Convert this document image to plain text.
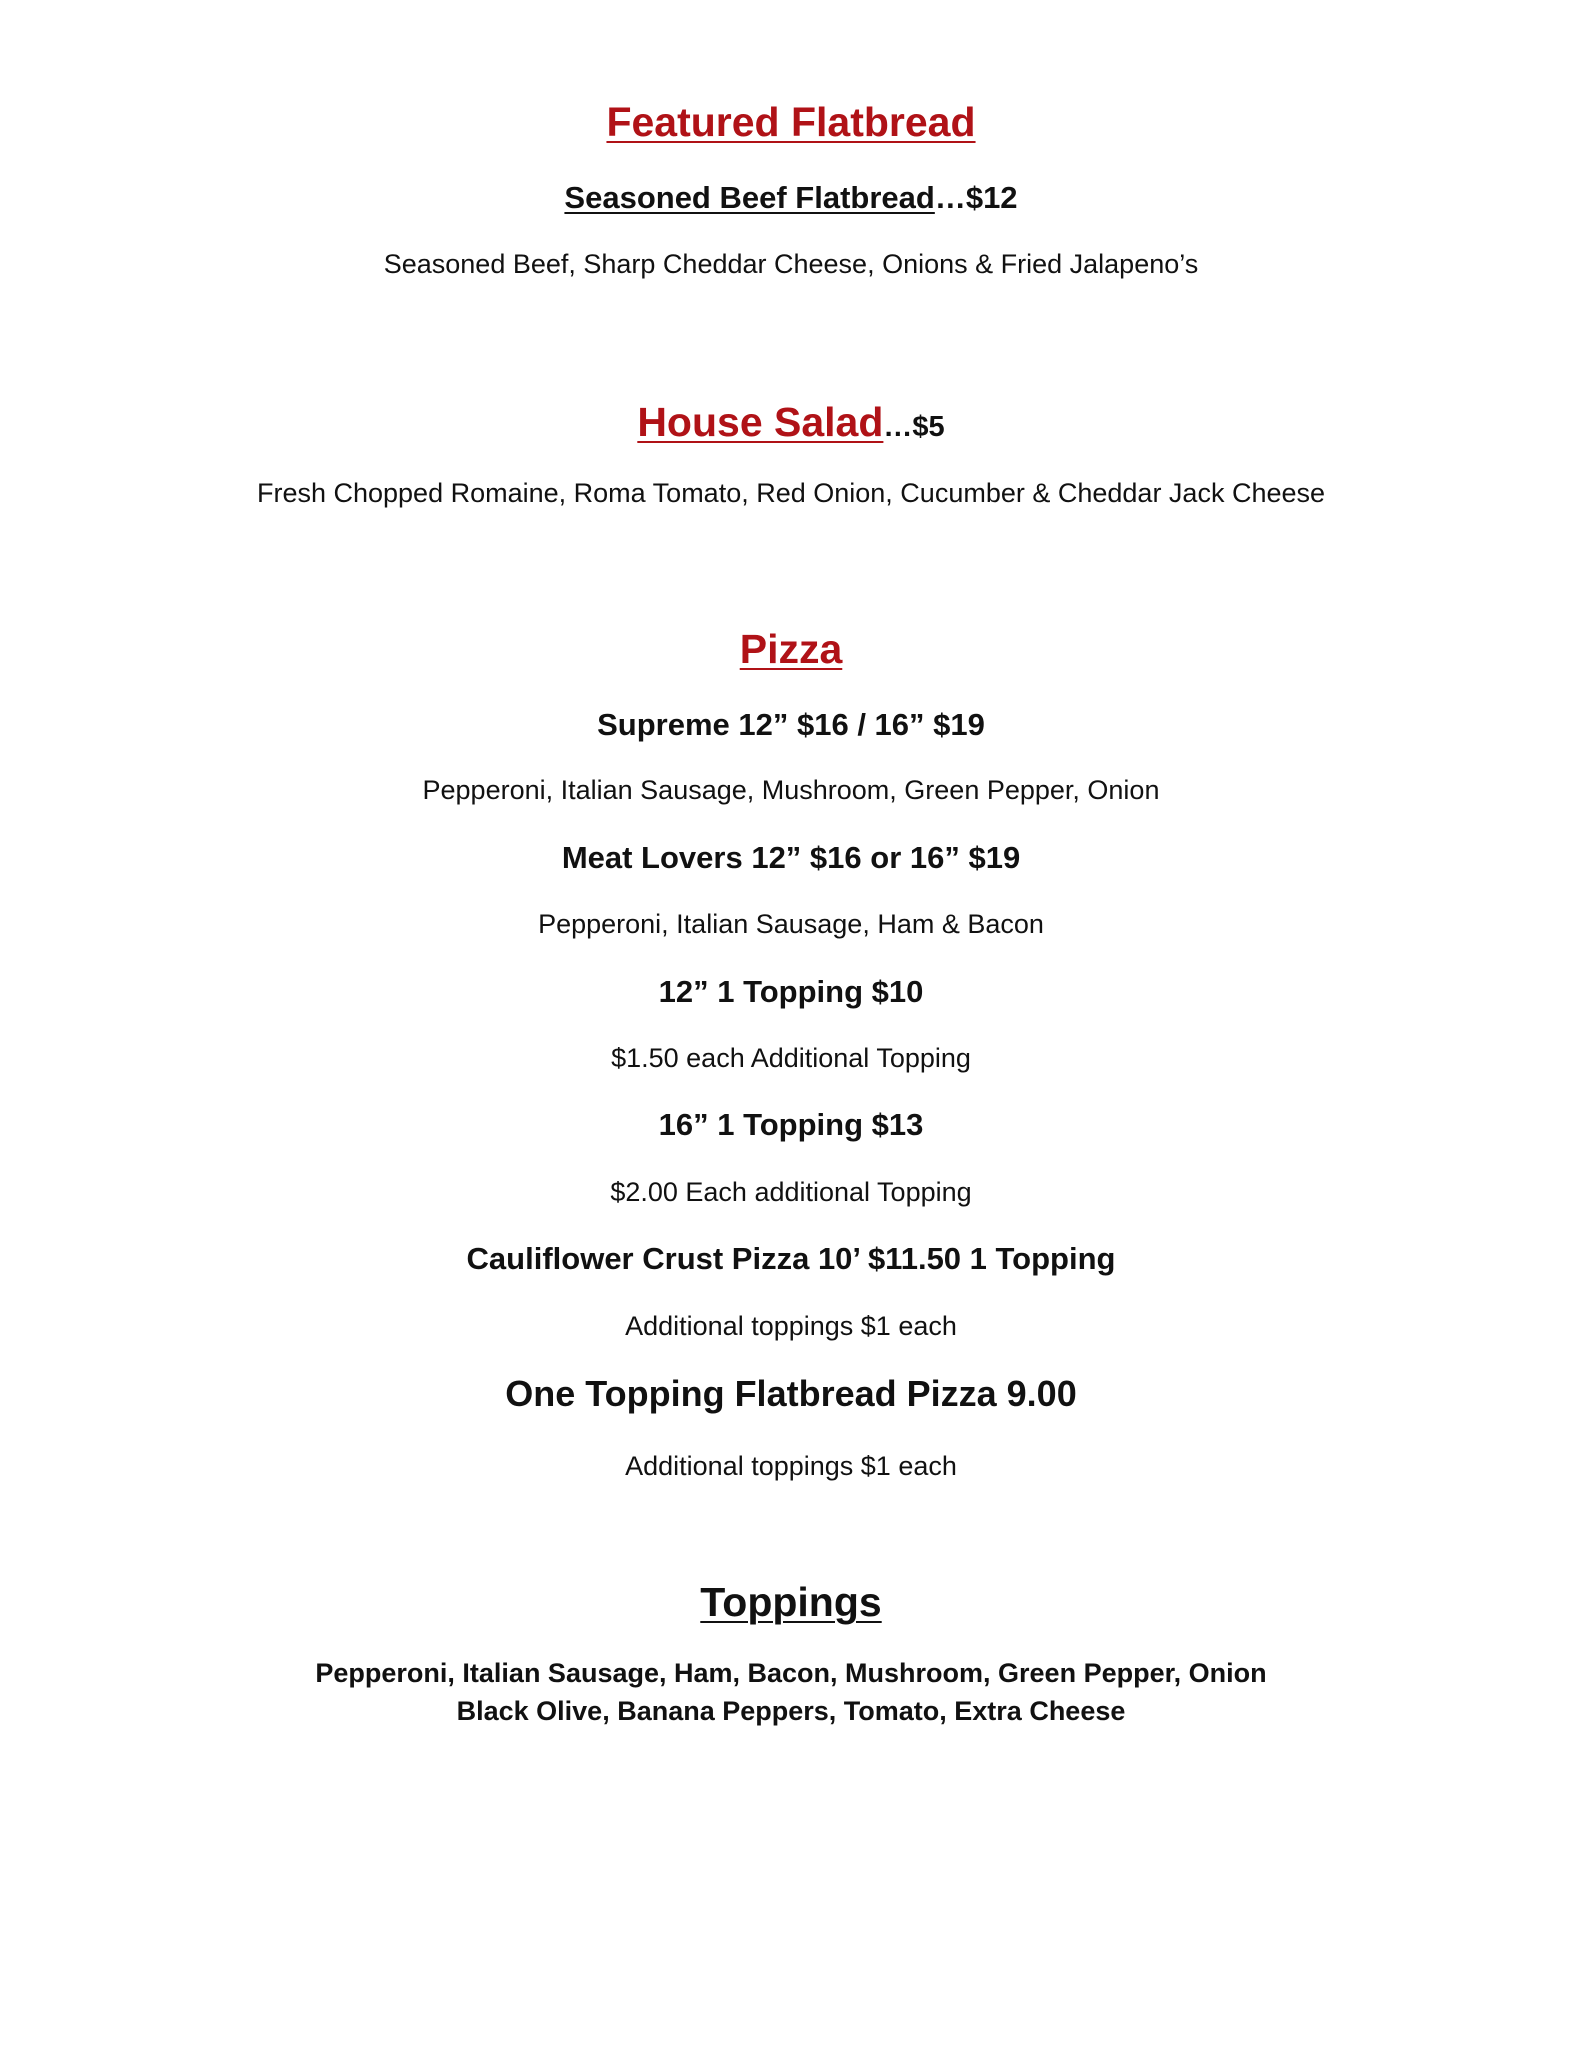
Featured Flatbread
Seasoned Beef Flatbread…$12
Seasoned Beef, Sharp Cheddar Cheese, Onions & Fried Jalapeno’s
House Salad…$5
Fresh Chopped Romaine, Roma Tomato, Red Onion, Cucumber & Cheddar Jack Cheese
Pizza
Supreme 12” $16 / 16” $19
Pepperoni, Italian Sausage, Mushroom, Green Pepper, Onion
Meat Lovers 12” $16 or 16” $19
Pepperoni, Italian Sausage, Ham & Bacon
12” 1 Topping $10
$1.50 each Additional Topping
16” 1 Topping $13
$2.00 Each additional Topping
Cauliflower Crust Pizza 10’ $11.50 1 Topping
Additional toppings $1 each
One Topping Flatbread Pizza 9.00
Additional toppings $1 each
Toppings
Pepperoni, Italian Sausage, Ham, Bacon, Mushroom, Green Pepper, Onion
Black Olive, Banana Peppers, Tomato, Extra Cheese
